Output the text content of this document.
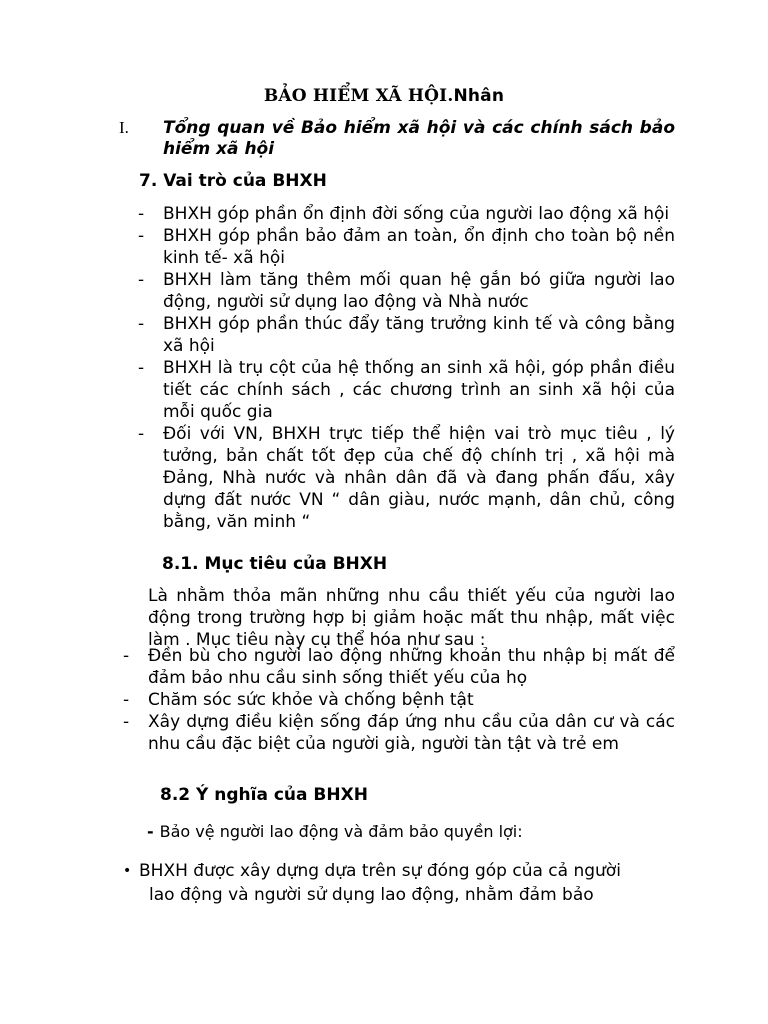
BẢO HIỂM XÃ HỘI.Nhân
I. Tổng quan về Bảo hiểm xã hội và các chính sách bảo hiểm xã hội
7. Vai trò của BHXH
- BHXH góp phần ổn định đời sống của người lao động xã hội
- BHXH góp phần bảo đảm an toàn, ổn định cho toàn bộ nền kinh tế- xã hội
- BHXH làm tăng thêm mối quan hệ gắn bó giữa người lao động, người sử dụng lao động và Nhà nước
- BHXH góp phần thúc đẩy tăng trưởng kinh tế và công bằng xã hội
- BHXH là trụ cột của hệ thống an sinh xã hội, góp phần điều tiết các chính sách , các chương trình an sinh xã hội của mỗi quốc gia
- Đối với VN, BHXH trực tiếp thể hiện vai trò mục tiêu , lý tưởng, bản chất tốt đẹp của chế độ chính trị , xã hội mà Đảng, Nhà nước và nhân dân đã và đang phấn đấu, xây dựng đất nước VN “ dân giàu, nước mạnh, dân chủ, công bằng, văn minh “
8.1. Mục tiêu của BHXH
Là nhằm thỏa mãn những nhu cầu thiết yếu của người lao động trong trường hợp bị giảm hoặc mất thu nhập, mất việc làm . Mục tiêu này cụ thể hóa như sau :
- Đền bù cho người lao động những khoản thu nhập bị mất để đảm bảo nhu cầu sinh sống thiết yếu của họ
- Chăm sóc sức khỏe và chống bệnh tật
- Xây dựng điều kiện sống đáp ứng nhu cầu của dân cư và các nhu cầu đặc biệt của người già, người tàn tật và trẻ em
8.2 Ý nghĩa của BHXH
- Bảo vệ người lao động và đảm bảo quyền lợi:
• BHXH được xây dựng dựa trên sự đóng góp của cả người
lao động và người sử dụng lao động, nhằm đảm bảo
